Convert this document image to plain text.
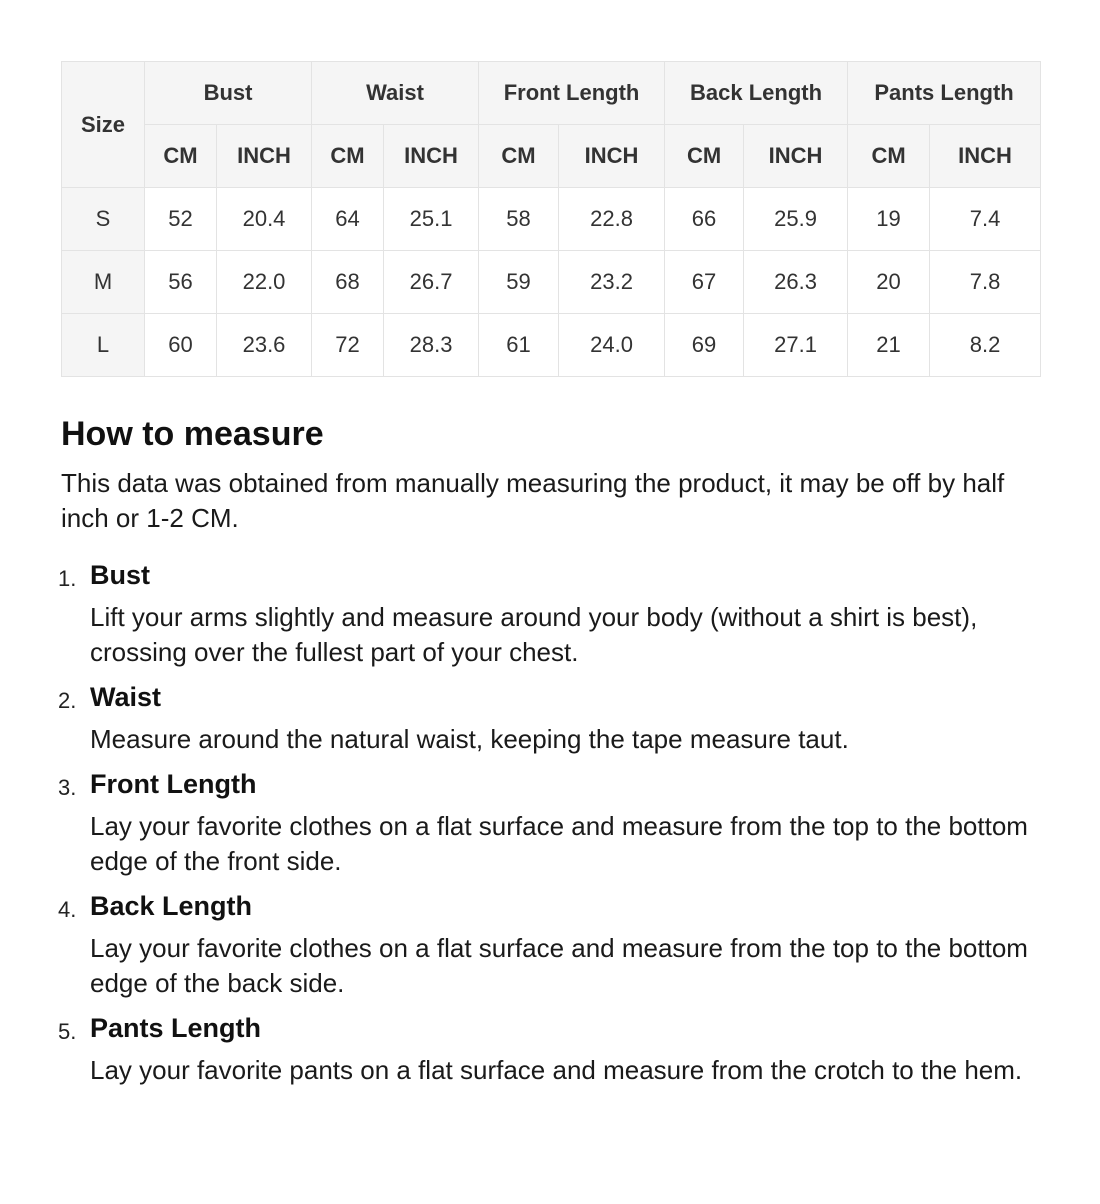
Size	Bust		Waist		Front Length		Back Length		Pants Length	
	CM	INCH	CM	INCH	CM	INCH	CM	INCH	CM	INCH
S	52	20.4	64	25.1	58	22.8	66	25.9	19	7.4
M	56	22.0	68	26.7	59	23.2	67	26.3	20	7.8
L	60	23.6	72	28.3	61	24.0	69	27.1	21	8.2
How to measure

This data was obtained from manually measuring the product, it may be off by half inch or 1-2 CM.

1. Bust
Lift your arms slightly and measure around your body (without a shirt is best), crossing over the fullest part of your chest.
2. Waist
Measure around the natural waist, keeping the tape measure taut.
3. Front Length
Lay your favorite clothes on a flat surface and measure from the top to the bottom edge of the front side.
4. Back Length
Lay your favorite clothes on a flat surface and measure from the top to the bottom edge of the back side.
5. Pants Length
Lay your favorite pants on a flat surface and measure from the crotch to the hem.
